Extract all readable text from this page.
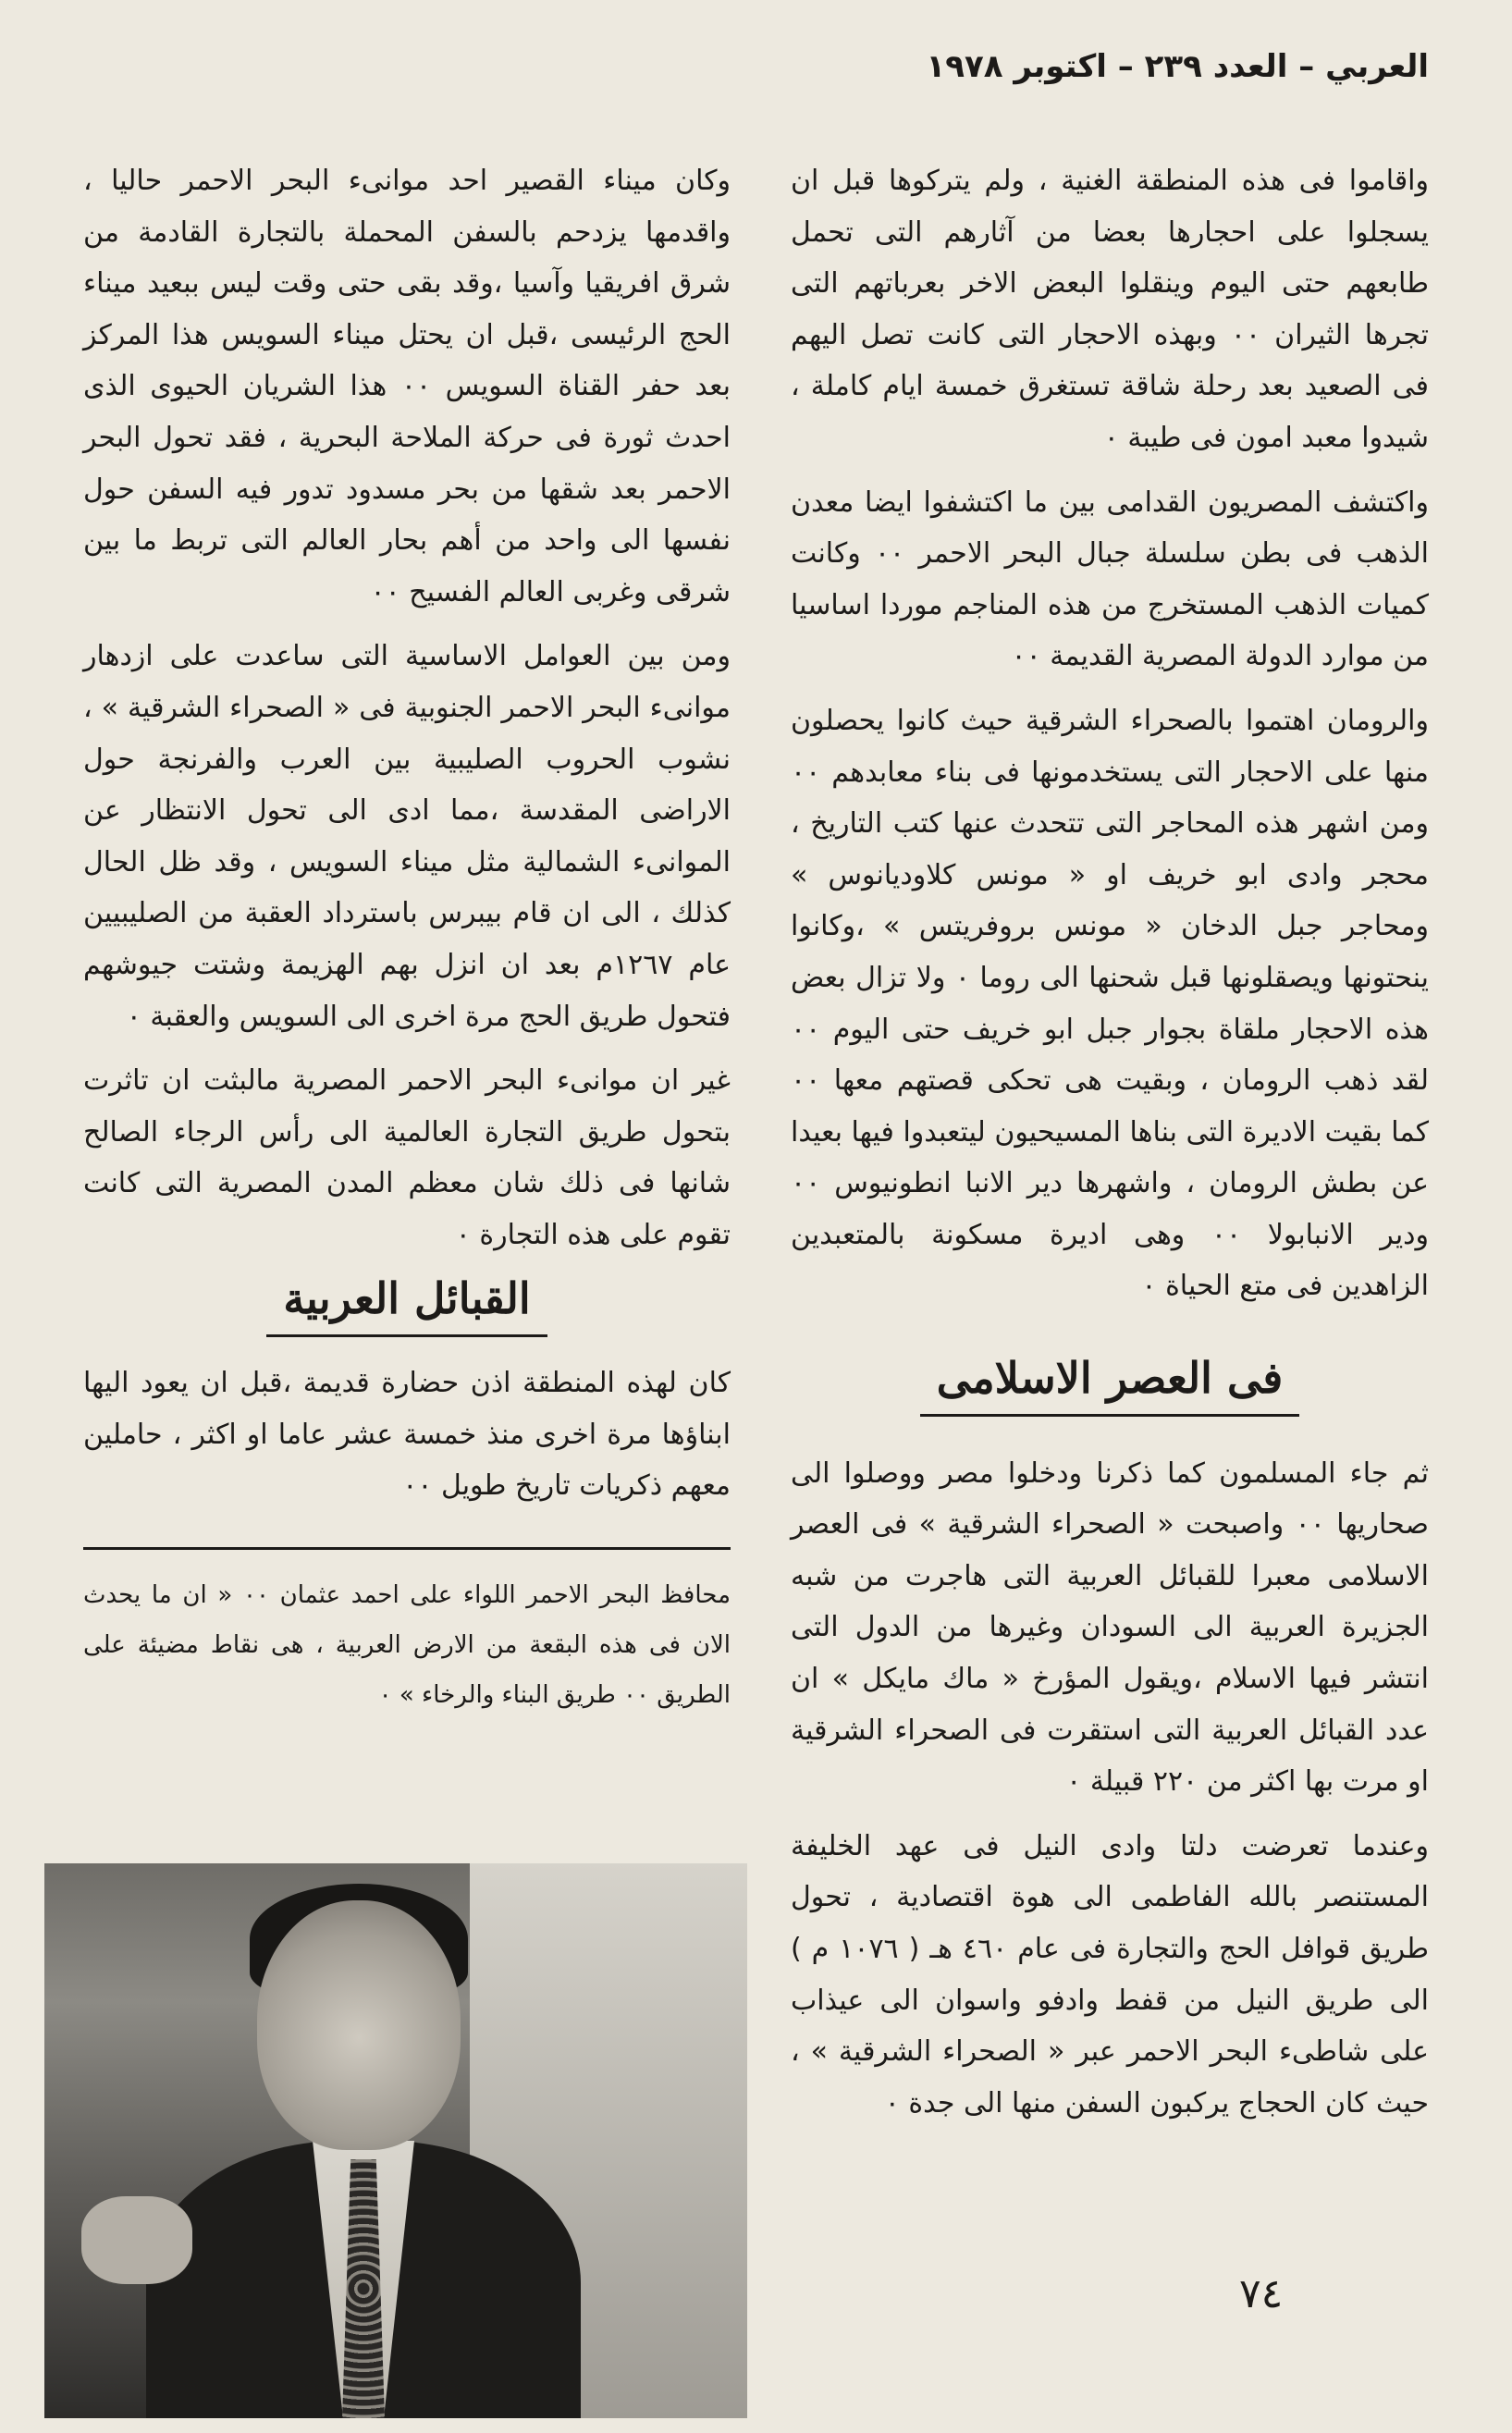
العربي – العدد ٢٣٩ – اكتوبر ١٩٧٨

واقاموا فى هذه المنطقة الغنية ، ولم يتركوها قبل ان يسجلوا على احجارها بعضا من آثارهم التى تحمل طابعهم حتى اليوم وينقلوا البعض الاخر بعرباتهم التى تجرها الثيران ٠٠ وبهذه الاحجار التى كانت تصل اليهم فى الصعيد بعد رحلة شاقة تستغرق خمسة ايام كاملة ، شيدوا معبد امون فى طيبة ٠

واكتشف المصريون القدامى بين ما اكتشفوا ايضا معدن الذهب فى بطن سلسلة جبال البحر الاحمر ٠٠ وكانت كميات الذهب المستخرج من هذه المناجم موردا اساسيا من موارد الدولة المصرية القديمة ٠٠

والرومان اهتموا بالصحراء الشرقية حيث كانوا يحصلون منها على الاحجار التى يستخدمونها فى بناء معابدهم ٠٠ ومن اشهر هذه المحاجر التى تتحدث عنها كتب التاريخ ، محجر وادى ابو خريف او « مونس كلاوديانوس » ومحاجر جبل الدخان « مونس بروفريتس » ،وكانوا ينحتونها ويصقلونها قبل شحنها الى روما ٠ ولا تزال بعض هذه الاحجار ملقاة بجوار جبل ابو خريف حتى اليوم ٠٠ لقد ذهب الرومان ، وبقيت هى تحكى قصتهم معها ٠٠ كما بقيت الاديرة التى بناها المسيحيون ليتعبدوا فيها بعيدا عن بطش الرومان ، واشهرها دير الانبا انطونيوس ٠٠ ودير الانبابولا ٠٠ وهى اديرة مسكونة بالمتعبدين الزاهدين فى متع الحياة ٠

فى العصر الاسلامى

ثم جاء المسلمون كما ذكرنا ودخلوا مصر ووصلوا الى صحاريها ٠٠ واصبحت « الصحراء الشرقية » فى العصر الاسلامى معبرا للقبائل العربية التى هاجرت من شبه الجزيرة العربية الى السودان وغيرها من الدول التى انتشر فيها الاسلام ،ويقول المؤرخ « ماك مايكل » ان عدد القبائل العربية التى استقرت فى الصحراء الشرقية او مرت بها اكثر من ٢٢٠ قبيلة ٠

وعندما تعرضت دلتا وادى النيل فى عهد الخليفة المستنصر بالله الفاطمى الى هوة اقتصادية ، تحول طريق قوافل الحج والتجارة فى عام ٤٦٠ هـ ( ١٠٧٦ م ) الى طريق النيل من قفط وادفو واسوان الى عيذاب على شاطىء البحر الاحمر عبر « الصحراء الشرقية » ، حيث كان الحجاج يركبون السفن منها الى جدة ٠

وكان ميناء القصير احد موانىء البحر الاحمر حاليا ، واقدمها يزدحم بالسفن المحملة بالتجارة القادمة من شرق افريقيا وآسيا ،وقد بقى حتى وقت ليس ببعيد ميناء الحج الرئيسى ،قبل ان يحتل ميناء السويس هذا المركز بعد حفر القناة السويس ٠٠ هذا الشريان الحيوى الذى احدث ثورة فى حركة الملاحة البحرية ، فقد تحول البحر الاحمر بعد شقها من بحر مسدود تدور فيه السفن حول نفسها الى واحد من أهم بحار العالم التى تربط ما بين شرقى وغربى العالم الفسيح ٠٠

ومن بين العوامل الاساسية التى ساعدت على ازدهار موانىء البحر الاحمر الجنوبية فى « الصحراء الشرقية » ، نشوب الحروب الصليبية بين العرب والفرنجة حول الاراضى المقدسة ،مما ادى الى تحول الانتظار عن الموانىء الشمالية مثل ميناء السويس ، وقد ظل الحال كذلك ، الى ان قام بيبرس باسترداد العقبة من الصليبيين عام ١٢٦٧م بعد ان انزل بهم الهزيمة وشتت جيوشهم فتحول طريق الحج مرة اخرى الى السويس والعقبة ٠

غير ان موانىء البحر الاحمر المصرية مالبثت ان تاثرت بتحول طريق التجارة العالمية الى رأس الرجاء الصالح شانها فى ذلك شان معظم المدن المصرية التى كانت تقوم على هذه التجارة ٠

القبائل العربية

كان لهذه المنطقة اذن حضارة قديمة ،قبل ان يعود اليها ابناؤها مرة اخرى منذ خمسة عشر عاما او اكثر ، حاملين معهم ذكريات تاريخ طويل ٠٠

محافظ البحر الاحمر اللواء على احمد عثمان ٠٠ « ان ما يحدث الان فى هذه البقعة من الارض العربية ، هى نقاط مضيئة على الطريق ٠٠ طريق البناء والرخاء » ٠
٧٤
